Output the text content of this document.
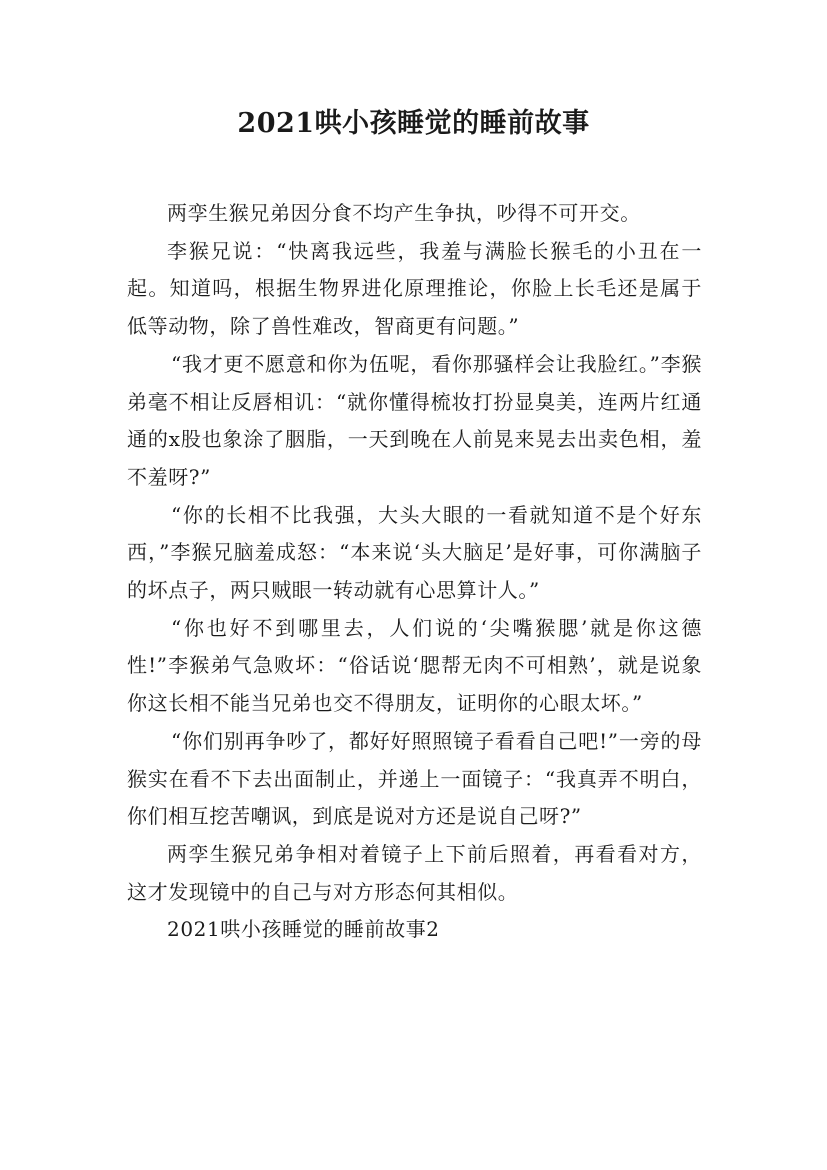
2021哄小孩睡觉的睡前故事

两孪生猴兄弟因分食不均产生争执，吵得不可开交。

李猴兄说：“快离我远些，我羞与满脸长猴毛的小丑在一起。知道吗，根据生物界进化原理推论，你脸上长毛还是属于低等动物，除了兽性难改，智商更有问题。”

“我才更不愿意和你为伍呢，看你那骚样会让我脸红。”李猴弟毫不相让反唇相讥：“就你懂得梳妆打扮显臭美，连两片红通通的x股也象涂了胭脂，一天到晚在人前晃来晃去出卖色相，羞不羞呀?”

“你的长相不比我强，大头大眼的一看就知道不是个好东西，”李猴兄脑羞成怒：“本来说‘头大脑足’是好事，可你满脑子的坏点子，两只贼眼一转动就有心思算计人。”

“你也好不到哪里去，人们说的‘尖嘴猴腮’就是你这德性!”李猴弟气急败坏：“俗话说‘腮帮无肉不可相熟’，就是说象你这长相不能当兄弟也交不得朋友，证明你的心眼太坏。”

“你们别再争吵了，都好好照照镜子看看自己吧!”一旁的母猴实在看不下去出面制止，并递上一面镜子：“我真弄不明白，你们相互挖苦嘲讽，到底是说对方还是说自己呀?”

两孪生猴兄弟争相对着镜子上下前后照着，再看看对方，这才发现镜中的自己与对方形态何其相似。

2021哄小孩睡觉的睡前故事2
